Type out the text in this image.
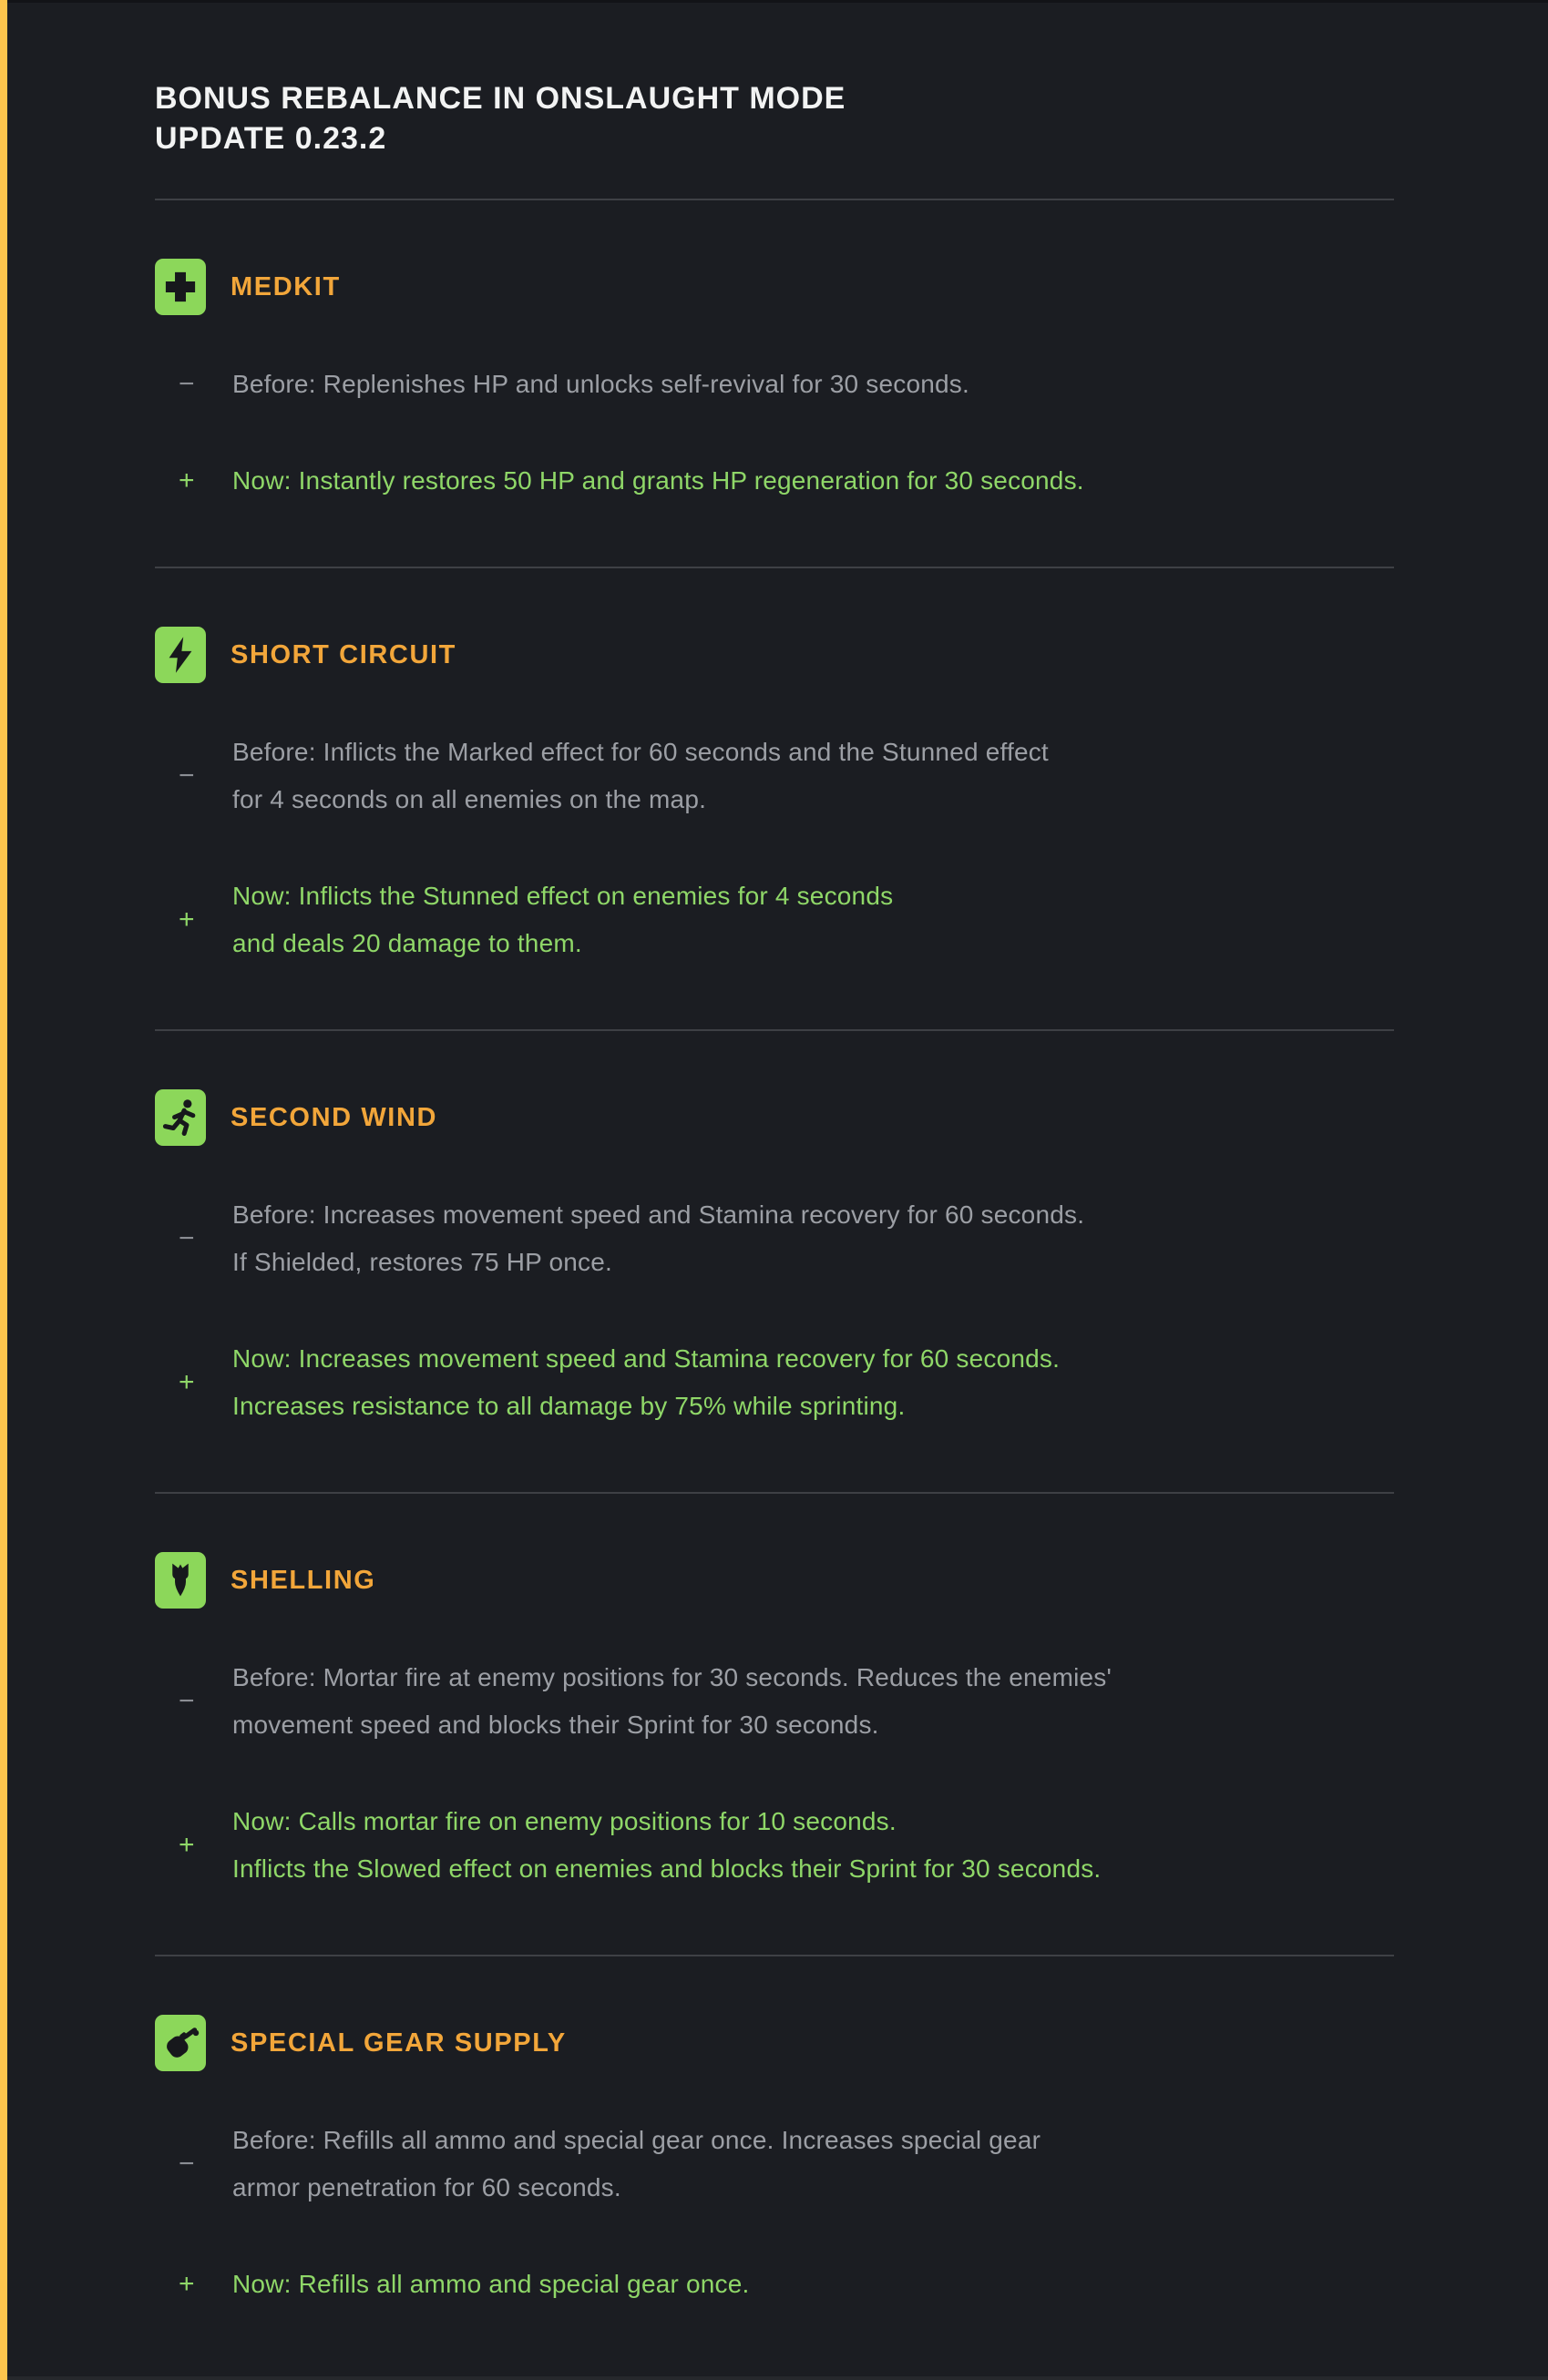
BONUS REBALANCE IN ONSLAUGHT MODE
UPDATE 0.23.2
MEDKIT
−	Before: Replenishes HP and unlocks self-revival for 30 seconds.
+	Now: Instantly restores 50 HP and grants HP regeneration for 30 seconds.
SHORT CIRCUIT
−
Before: Inflicts the Marked effect for 60 seconds and the Stunned effect
for 4 seconds on all enemies on the map.
+
Now: Inflicts the Stunned effect on enemies for 4 seconds
and deals 20 damage to them.
SECOND WIND
−
Before: Increases movement speed and Stamina recovery for 60 seconds.
If Shielded, restores 75 HP once.
+
Now: Increases movement speed and Stamina recovery for 60 seconds.
Increases resistance to all damage by 75% while sprinting.
SHELLING
−
Before: Mortar fire at enemy positions for 30 seconds. Reduces the enemies'
movement speed and blocks their Sprint for 30 seconds.
+
Now: Calls mortar fire on enemy positions for 10 seconds.
Inflicts the Slowed effect on enemies and blocks their Sprint for 30 seconds.
SPECIAL GEAR SUPPLY
−
Before: Refills all ammo and special gear once. Increases special gear
armor penetration for 60 seconds.
+	Now: Refills all ammo and special gear once.
